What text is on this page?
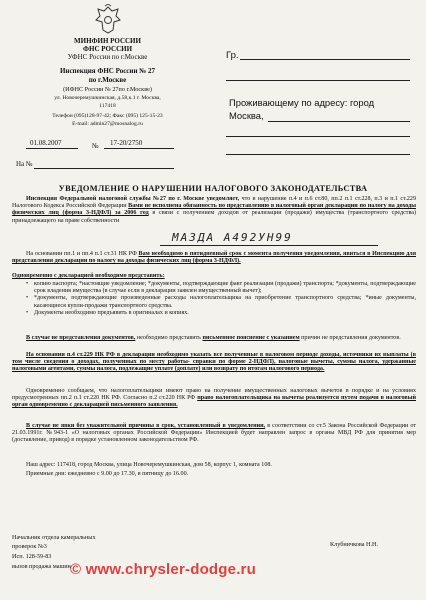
МИНФИН РОССИИ
ФНС РОССИИ
УФНС России по г.Москве
Инспекция ФНС России № 27
по г.Москве
(ИФНС России № 27по г.Москве)
ул. Новочеремушкинская, д.58,к.1 г. Москва,
117418
Телефон (095)128-97-42; Факс (095) 125-15-23
E-mail: admin27@mosnalog.ru
01.08.2007	№ 17-20/2750
На №
Гр.
Проживающему по адресу: город
Москва,
УВЕДОМЛЕНИЕ О НАРУШЕНИИ НАЛОГОВОГО ЗАКОНОДАТЕЛЬСТВА
Инспекция Федеральной налоговой службы №27 по г. Москве уведомляет, что в нарушение п.4 и п.6 ст.80, пп.2 п.1 ст.228, п.3 и п.1 ст.229 Налогового Кодекса Российской Федерации Вами не исполнена обязанность по представлению в налоговый орган декларации по налогу на доходы физических лиц (форма 3-НДФЛ) за 2006 год в связи с получением доходов от реализации (продажи) имущества (транспортного средства) принадлежащего на праве собственности
МАЗДА А492УН99
На основании пп.1 и пп.4 п.1 ст.31 НК РФ Вам необходимо в пятидневный срок с момента получения уведомления, явиться в Инспекцию для представления декларации по налогу на доходы физических лиц (форма 3-НДФЛ).
Одновременно с декларацией необходимо представить:
• копию паспорта; *настоящие уведомление; *документы, подтверждающие факт реализации (продажи) транспорта; *документы, подтверждающие срок владения имущества (в случае если в декларации заявлен имущественный вычет);
• *документы, подтверждающие произведенные расходы налогоплательщика на приобретение транспортного средства; *иные документы, касающиеся купли-продажи транспортного средства.
• Документы необходимо предъявить в оригиналах и копиях.
В случае не представления документов, необходимо представить письменное пояснение с указанием причин не представления документов.
На основании п.4 ст.229 НК РФ в декларации необходимо указать все полученные в налоговом периоде доходы, источники их выплаты (в том числе сведения о доходах, полученных по месту работы- справки по форме 2-НДФЛ), налоговые вычеты, суммы налога, удержанные налоговыми агентами, суммы налога, подлежащие уплате (доплате) или возврату по итогам налогового периода.
Одновременно сообщаем, что налогоплательщики имеют право на получение имущественных налоговых вычетов в порядке и на условиях предусмотренных пп.2 п.1 ст.220 НК РФ. Согласно п.2 ст.220 НК РФ право налогоплательщика на вычеты реализуется путем подачи в налоговый орган одновременно с декларацией письменного заявления.
В случае не явки без уважительной причины в срок, установленный в уведомлении, в соответствии со ст.5 Закона Российской Федерации от 21.03.1991г. №943-1 «О налоговых органах Российской Федерации» Инспекцией будет направлен запрос в органы МВД РФ для принятия мер (доставление, привод) в порядке установленном законодательством РФ.
Наш адрес: 117418, город Москва, улица Новочеремушкинская, дом 58, корпус 1, комната 108.
Приемные дни: ежедневно с 9.00 до 17.30, в пятницу до 16.00.
Начальник отдела камеральных
проверок №3
Исп. 128-59-83
вызов продажа машин
Клубничкова Н.Н.
© www.chrysler-dodge.ru
